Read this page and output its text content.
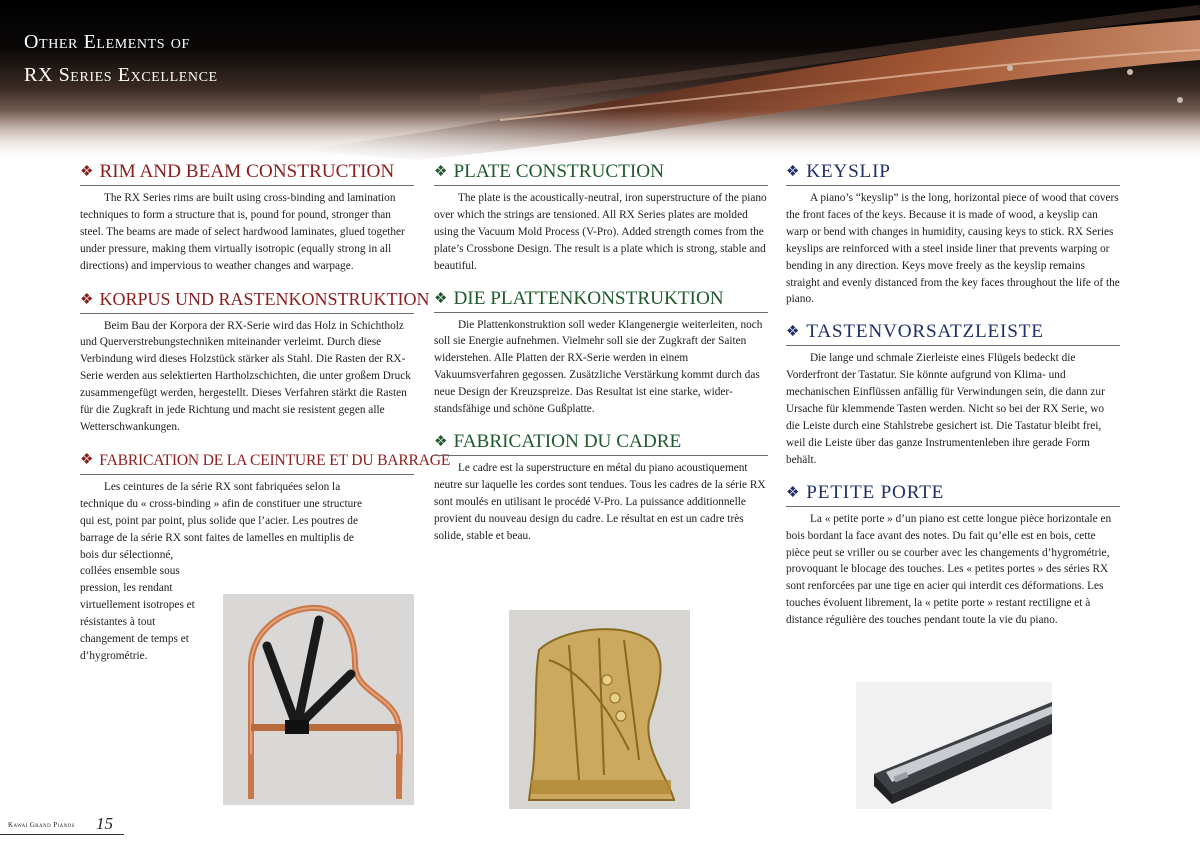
Other Elements of
RX Series Excellence
❖ RIM AND BEAM CONSTRUCTION

The RX Series rims are built using cross-binding and lamination techniques to form a structure that is, pound for pound, stronger than steel. The beams are made of select hardwood laminates, glued together under pressure, making them virtually isotropic (equally strong in all directions) and impervious to weather changes and warpage.

❖ KORPUS UND RASTENKONSTRUKTION

Beim Bau der Korpora der RX-Serie wird das Holz in Schichtholz und Querverstrebungstechniken miteinander verleimt. Durch diese Verbindung wird dieses Holzstück stärker als Stahl. Die Rasten der RX-Serie werden aus selektierten Hartholzschichten, die unter großem Druck zusammengefügt werden, hergestellt. Dieses Verfahren stärkt die Rasten für die Zugkraft in jede Richtung und macht sie resistent gegen alle Wetterschwankungen.

❖ FABRICATION DE LA CEINTURE ET DU BARRAGE
Les ceintures de la série RX sont fabriquées selon la
technique du « cross-binding » afin de constituer une structure
qui est, point par point, plus solide que l’acier. Les poutres de
barrage de la série RX sont faites de lamelles en multiplis de
bois dur sélectionné,
collées ensemble sous
pression, les rendant
virtuellement isotropes et
résistantes à tout
changement de temps et
d’hygrométrie.
❖ PLATE CONSTRUCTION

The plate is the acoustically-neutral, iron superstructure of the piano over which the strings are tensioned. All RX Series plates are molded using the Vacuum Mold Process (V-Pro). Added strength comes from the plate’s Crossbone Design. The result is a plate which is strong, stable and beautiful.

❖ DIE PLATTENKONSTRUKTION

Die Plattenkonstruktion soll weder Klangenergie weiterleiten, noch soll sie Energie aufnehmen. Vielmehr soll sie der Zugkraft der Saiten widerstehen. Alle Platten der RX-Serie werden in einem Vakuumsverfahren gegossen. Zusätzliche Verstärkung kommt durch das neue Design der Kreuzspreize. Das Resultat ist eine starke, wider-standsfähige und schöne Gußplatte.

❖ FABRICATION DU CADRE

Le cadre est la superstructure en métal du piano acoustiquement neutre sur laquelle les cordes sont tendues. Tous les cadres de la série RX sont moulés en utilisant le procédé V-Pro. La puissance additionnelle provient du nouveau design du cadre. Le résultat en est un cadre très solide, stable et beau.

❖ KEYSLIP

A piano’s “keyslip” is the long, horizontal piece of wood that covers the front faces of the keys. Because it is made of wood, a keyslip can warp or bend with changes in humidity, causing keys to stick. RX Series keyslips are reinforced with a steel inside liner that prevents warping or bending in any direction. Keys move freely as the keyslip remains straight and evenly distanced from the key faces throughout the life of the piano.

❖ TASTENVORSATZLEISTE

Die lange und schmale Zierleiste eines Flügels bedeckt die Vorderfront der Tastatur. Sie könnte aufgrund von Klima- und mechanischen Einflüssen anfällig für Verwindungen sein, die dann zur Ursache für klemmende Tasten werden. Nicht so bei der RX Serie, wo die Leiste durch eine Stahlstrebe gesichert ist. Die Tastatur bleibt frei, weil die Leiste über das ganze Instrumentenleben ihre gerade Form behält.

❖ PETITE PORTE

La « petite porte » d’un piano est cette longue pièce horizontale en bois bordant la face avant des notes. Du fait qu’elle est en bois, cette pièce peut se vriller ou se courber avec les changements d’hygrométrie, provoquant le blocage des touches. Les « petites portes » des séries RX sont renforcées par une tige en acier qui interdit ces déformations. Les touches évoluent librement, la « petite porte » restant rectiligne et à distance régulière des touches pendant toute la vie du piano.

Kawai Grand Pianos 15
